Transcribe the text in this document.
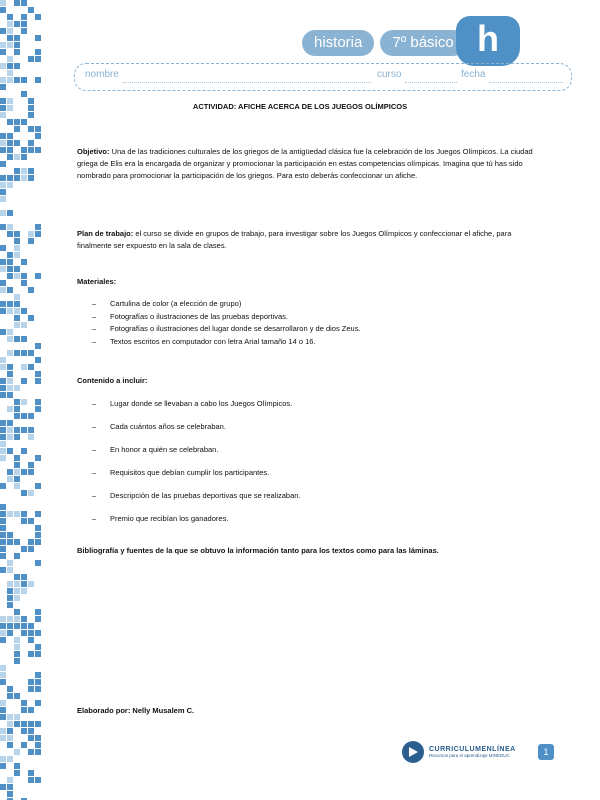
historia	7º básico h
nombre	curso	fecha
ACTIVIDAD: AFICHE ACERCA DE LOS JUEGOS OLÍMPICOS
Objetivo: Una de las tradiciones culturales de los griegos de la antigüedad clásica fue la celebración de los Juegos Olímpicos. La ciudad griega de Elis era la encargada de organizar y promocionar la participación en estas competencias olímpicas. Imagina que tú has sido nombrado para promocionar la participación de los griegos. Para esto deberás confeccionar un afiche.
Plan de trabajo: el curso se divide en grupos de trabajo, para investigar sobre los Juegos Olímpicos y confeccionar el afiche, para finalmente ser expuesto en la sala de clases.
Materiales:
– Cartulina de color (a elección de grupo)
– Fotografías o ilustraciones de las pruebas deportivas.
– Fotografías o ilustraciones del lugar donde se desarrollaron y de dios Zeus.
– Textos escritos en computador con letra Arial tamaño 14 o 16.
Contenido a incluir:
– Lugar donde se llevaban a cabo los Juegos Olímpicos.
– Cada cuántos años se celebraban.
– En honor a quién se celebraban.
– Requisitos que debían cumplir los participantes.
– Descripción de las pruebas deportivas que se realizaban.
– Premio que recibían los ganadores.
Bibliografía y fuentes de la que se obtuvo la información tanto para los textos como para las láminas.
Elaborado por: Nelly Musalem C.
CURRICULUMENLÍNEA
Recursos para el aprendizaje MINEDUC	1
